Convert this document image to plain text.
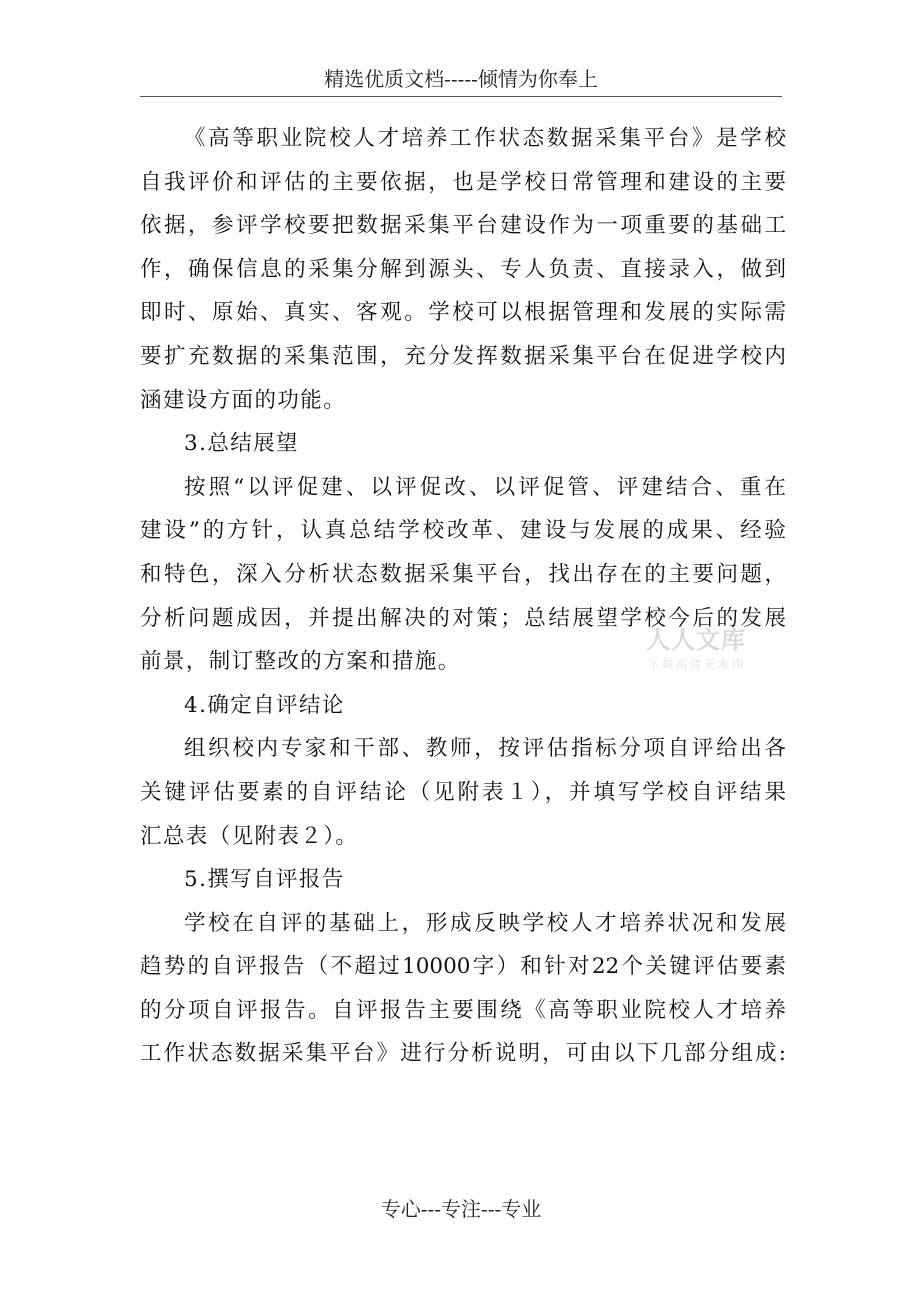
精选优质文档-----倾情为你奉上
《高等职业院校人才培养工作状态数据采集平台》是学校
自我评价和评估的主要依据，也是学校日常管理和建设的主要
依据，参评学校要把数据采集平台建设作为一项重要的基础工
作，确保信息的采集分解到源头、专人负责、直接录入，做到
即时、原始、真实、客观。学校可以根据管理和发展的实际需
要扩充数据的采集范围，充分发挥数据采集平台在促进学校内
涵建设方面的功能。
3.总结展望
按照“以评促建、以评促改、以评促管、评建结合、重在
建设”的方针，认真总结学校改革、建设与发展的成果、经验
和特色，深入分析状态数据采集平台，找出存在的主要问题，
分析问题成因，并提出解决的对策；总结展望学校今后的发展
前景，制订整改的方案和措施。
4.确定自评结论
组织校内专家和干部、教师，按评估指标分项自评给出各
关键评估要素的自评结论（见附表１），并填写学校自评结果
汇总表（见附表２）。
5.撰写自评报告
学校在自评的基础上，形成反映学校人才培养状况和发展
趋势的自评报告（不超过10000字）和针对22个关键评估要素
的分项自评报告。自评报告主要围绕《高等职业院校人才培养
工作状态数据采集平台》进行分析说明，可由以下几部分组成:
人人文库
下载高清无水印
专心---专注---专业
